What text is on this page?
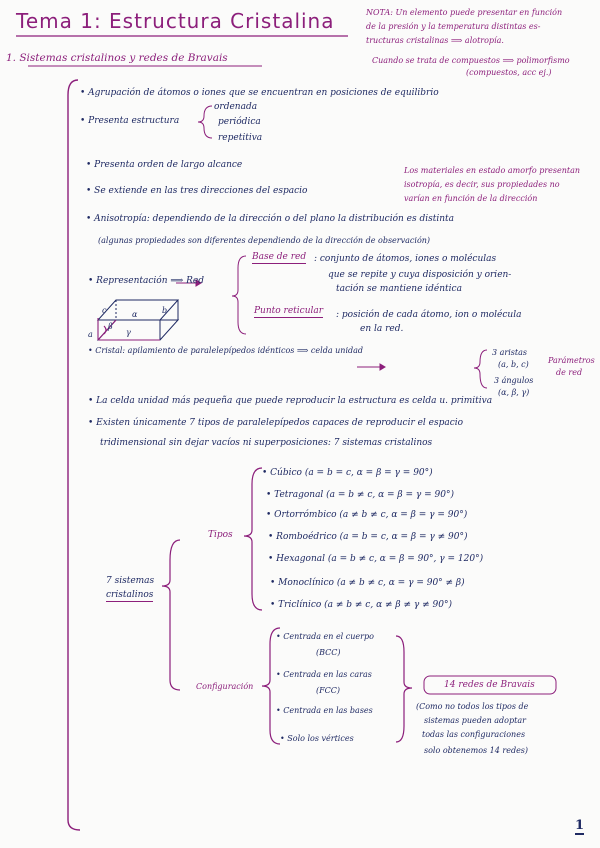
Tema 1: Estructura Cristalina	NOTA: Un elemento puede presentar en función
de la presión y la temperatura distintas es-
tructuras cristalinas ⟹ alotropía.
Cuando se trata de compuestos ⟹ polimorfismo
(compuestos, acc ej.)
1. Sistemas cristalinos y redes de Bravais
• Agrupación de átomos o iones que se encuentran en posiciones de equilibrio
• Presenta estructura
ordenada
periódica
repetitiva
• Presenta orden de largo alcance
• Se extiende en las tres direcciones del espacio
Los materiales en estado amorfo presentan
isotropía, es decir, sus propiedades no
varían en función de la dirección
• Anisotropía: dependiendo de la dirección o del plano la distribución es distinta
(algunas propiedades son diferentes dependiendo de la dirección de observación)
• Representación ⟹ Red
Base de red : conjunto de átomos, iones o moléculas
que se repite y cuya disposición y orien-
tación se mantiene idéntica
Punto reticular : posición de cada átomo, ion o molécula
en la red.
a
b
c	α
β
γ
• Cristal: apilamiento de paralelepípedos idénticos ⟹ celda unidad	3 aristas
(a, b, c)
3 ángulos
(α, β, γ)
Parámetros
de red
• La celda unidad más pequeña que puede reproducir la estructura es celda u. primitiva
• Existen únicamente 7 tipos de paralelepípedos capaces de reproducir el espacio
tridimensional sin dejar vacíos ni superposiciones: 7 sistemas cristalinos
7 sistemas
cristalinos
Tipos
Configuración
• Cúbico (a = b = c, α = β = γ = 90°)
• Tetragonal (a = b ≠ c, α = β = γ = 90°)
• Ortorrómbico (a ≠ b ≠ c, α = β = γ = 90°)
• Romboédrico (a = b = c, α = β = γ ≠ 90°)
• Hexagonal (a = b ≠ c, α = β = 90°, γ = 120°)
• Monoclínico (a ≠ b ≠ c, α = γ = 90° ≠ β)
• Triclínico (a ≠ b ≠ c, α ≠ β ≠ γ ≠ 90°)
• Centrada en el cuerpo
(BCC)
• Centrada en las caras
(FCC)
• Centrada en las bases
• Solo los vértices
14 redes de Bravais
(Como no todos los tipos de
sistemas pueden adoptar
todas las configuraciones
solo obtenemos 14 redes)
1
